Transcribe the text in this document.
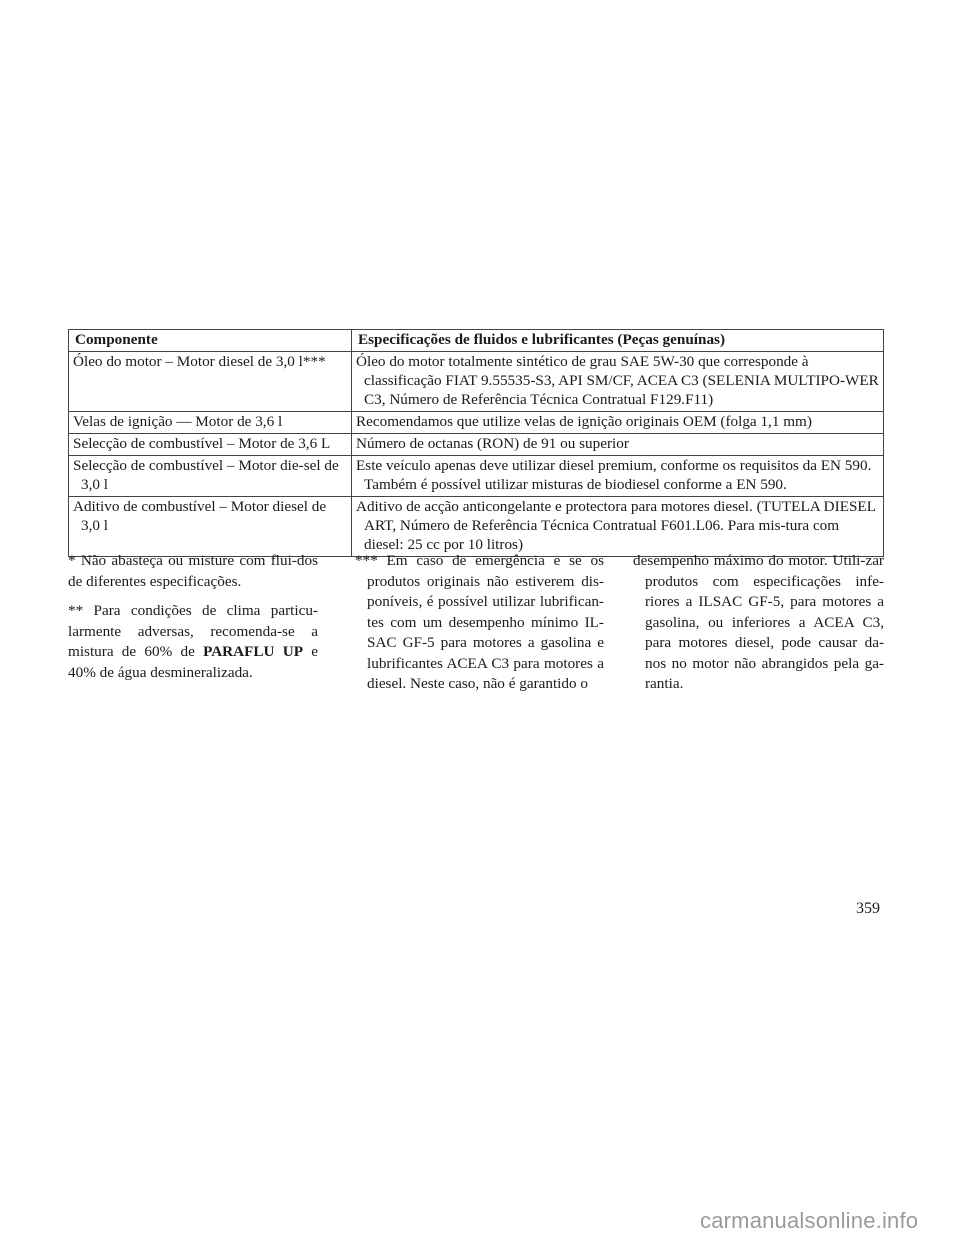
Componente	Especificações de fluidos e lubrificantes (Peças genuínas)
Óleo do motor – Motor diesel de 3,0 l***	Óleo do motor totalmente sintético de grau SAE 5W-30 que corresponde à classificação FIAT 9.55535-S3, API SM/CF, ACEA C3 (SELENIA MULTIPO-WER C3, Número de Referência Técnica Contratual F129.F11)
Velas de ignição — Motor de 3,6 l	Recomendamos que utilize velas de ignição originais OEM (folga 1,1 mm)
Selecção de combustível – Motor de 3,6 L	Número de octanas (RON) de 91 ou superior
Selecção de combustível – Motor die-sel de 3,0 l	Este veículo apenas deve utilizar diesel premium, conforme os requisitos da EN 590. Também é possível utilizar misturas de biodiesel conforme a EN 590.
Aditivo de combustível – Motor diesel de 3,0 l	Aditivo de acção anticongelante e protectora para motores diesel. (TUTELA DIESEL ART, Número de Referência Técnica Contratual F601.L06. Para mis-tura com diesel: 25 cc por 10 litros)

* Não abasteça ou misture com flui-dos de diferentes especificações.

** Para condições de clima particu-larmente adversas, recomenda-se a mistura de 60% de PARAFLU UP e 40% de água desmineralizada.

*** Em caso de emergência e se os produtos originais não estiverem dis-poníveis, é possível utilizar lubrifican-tes com um desempenho mínimo IL-SAC GF-5 para motores a gasolina e lubrificantes ACEA C3 para motores a diesel. Neste caso, não é garantido o

desempenho máximo do motor. Utili-zar produtos com especificações infe-riores a ILSAC GF-5, para motores a gasolina, ou inferiores a ACEA C3, para motores diesel, pode causar da-nos no motor não abrangidos pela ga-rantia.

359
carmanualsonline.info
